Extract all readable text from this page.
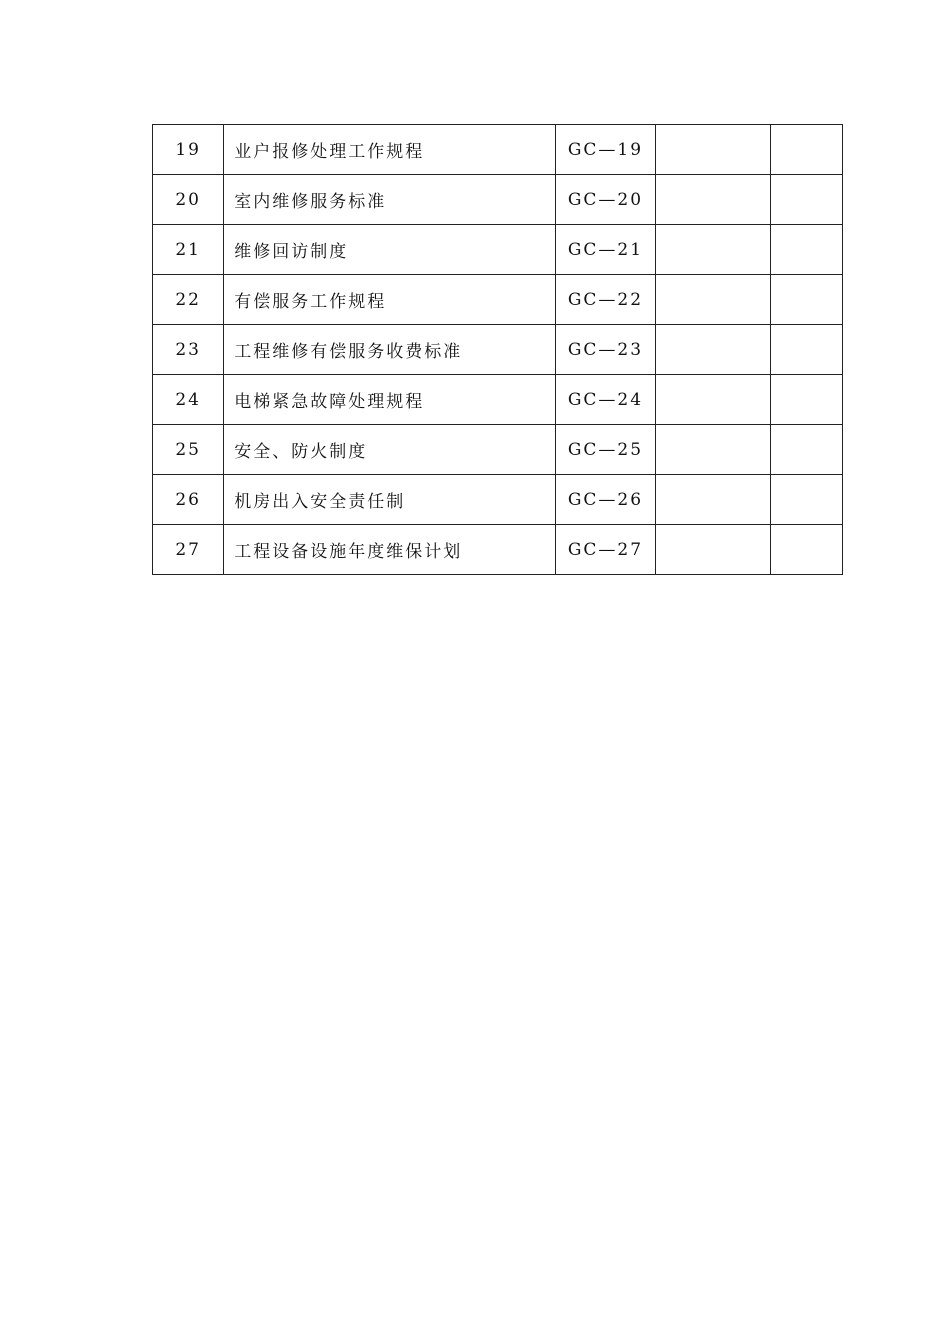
19	业户报修处理工作规程	GC—19		
20	室内维修服务标准	GC—20		
21	维修回访制度	GC—21		
22	有偿服务工作规程	GC—22		
23	工程维修有偿服务收费标准	GC—23		
24	电梯紧急故障处理规程	GC—24		
25	安全、防火制度	GC—25		
26	机房出入安全责任制	GC—26		
27	工程设备设施年度维保计划	GC—27		
